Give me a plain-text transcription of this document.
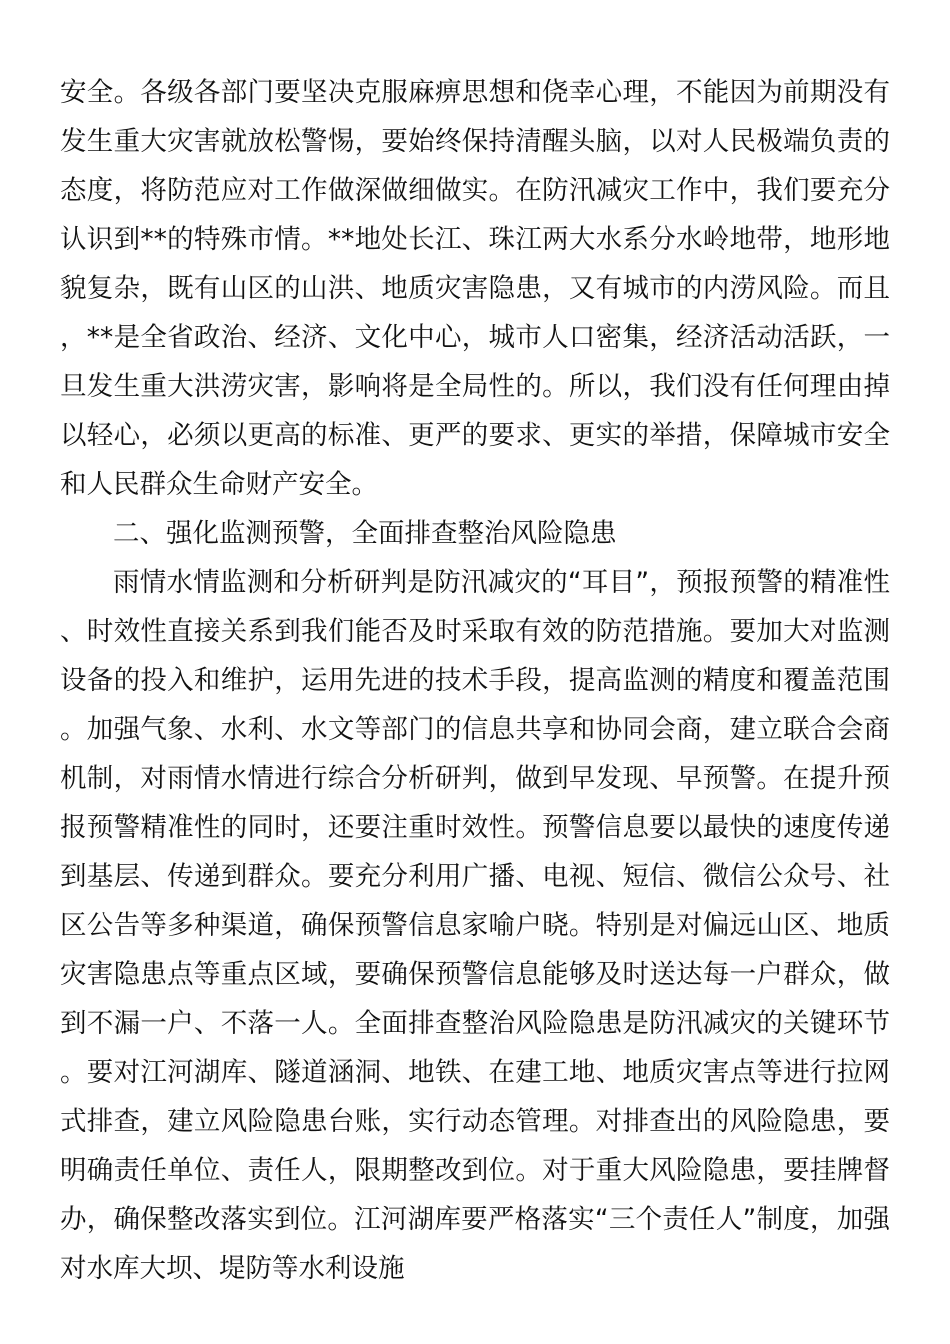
安全。各级各部门要坚决克服麻痹思想和侥幸心理，不能因为前期没有发生重大灾害就放松警惕，要始终保持清醒头脑，以对人民极端负责的态度，将防范应对工作做深做细做实。在防汛减灾工作中，我们要充分认识到**的特殊市情。**地处长江、珠江两大水系分水岭地带，地形地貌复杂，既有山区的山洪、地质灾害隐患，又有城市的内涝风险。而且，**是全省政治、经济、文化中心，城市人口密集，经济活动活跃，一旦发生重大洪涝灾害，影响将是全局性的。所以，我们没有任何理由掉以轻心，必须以更高的标准、更严的要求、更实的举措，保障城市安全和人民群众生命财产安全。

二、强化监测预警，全面排查整治风险隐患

雨情水情监测和分析研判是防汛减灾的“耳目”，预报预警的精准性、时效性直接关系到我们能否及时采取有效的防范措施。要加大对监测设备的投入和维护，运用先进的技术手段，提高监测的精度和覆盖范围。加强气象、水利、水文等部门的信息共享和协同会商，建立联合会商机制，对雨情水情进行综合分析研判，做到早发现、早预警。在提升预报预警精准性的同时，还要注重时效性。预警信息要以最快的速度传递到基层、传递到群众。要充分利用广播、电视、短信、微信公众号、社区公告等多种渠道，确保预警信息家喻户晓。特别是对偏远山区、地质灾害隐患点等重点区域，要确保预警信息能够及时送达每一户群众，做到不漏一户、不落一人。全面排查整治风险隐患是防汛减灾的关键环节。要对江河湖库、隧道涵洞、地铁、在建工地、地质灾害点等进行拉网式排查，建立风险隐患台账，实行动态管理。对排查出的风险隐患，要明确责任单位、责任人，限期整改到位。对于重大风险隐患，要挂牌督办，确保整改落实到位。江河湖库要严格落实“三个责任人”制度，加强对水库大坝、堤防等水利设施
